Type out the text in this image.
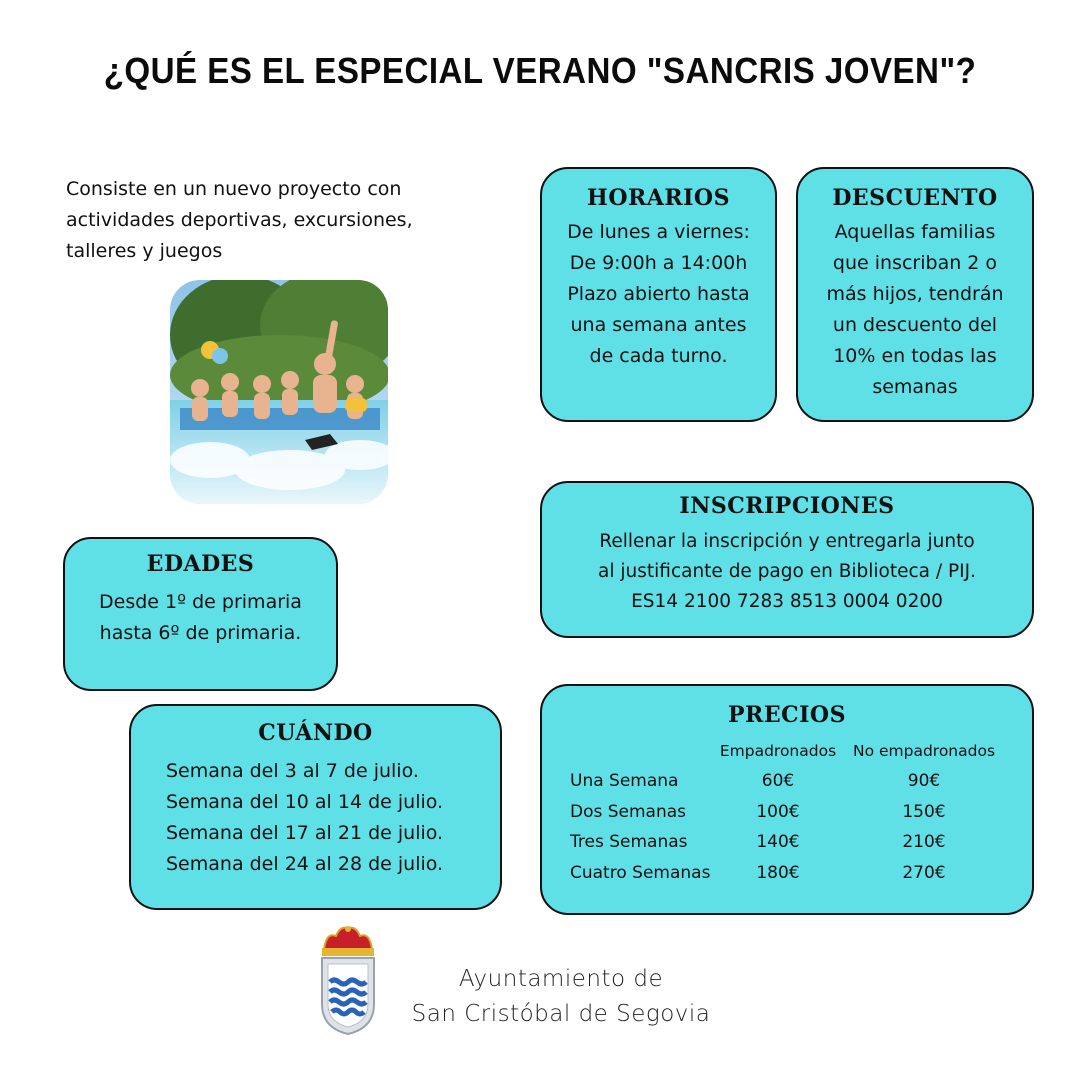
¿QUÉ ES EL ESPECIAL VERANO "SANCRIS JOVEN"?
Consiste en un nuevo proyecto con
actividades deportivas, excursiones,
talleres y juegos
HORARIOS
De lunes a viernes:
De 9:00h a 14:00h
Plazo abierto hasta
una semana antes
de cada turno.
DESCUENTO
Aquellas familias
que inscriban 2 o
más hijos, tendrán
un descuento del
10% en todas las
semanas
INSCRIPCIONES
Rellenar la inscripción y entregarla junto
al justificante de pago en Biblioteca / PIJ.
ES14 2100 7283 8513 0004 0200
EDADES
Desde 1º de primaria
hasta 6º de primaria.
CUÁNDO
Semana del 3 al 7 de julio.
Semana del 10 al 14 de julio.
Semana del 17 al 21 de julio.
Semana del 24 al 28 de julio.
PRECIOS
	Empadronados	No empadronados
Una Semana	60€	90€
Dos Semanas	100€	150€
Tres Semanas	140€	210€
Cuatro Semanas	180€	270€
Ayuntamiento de
San Cristóbal de Segovia
